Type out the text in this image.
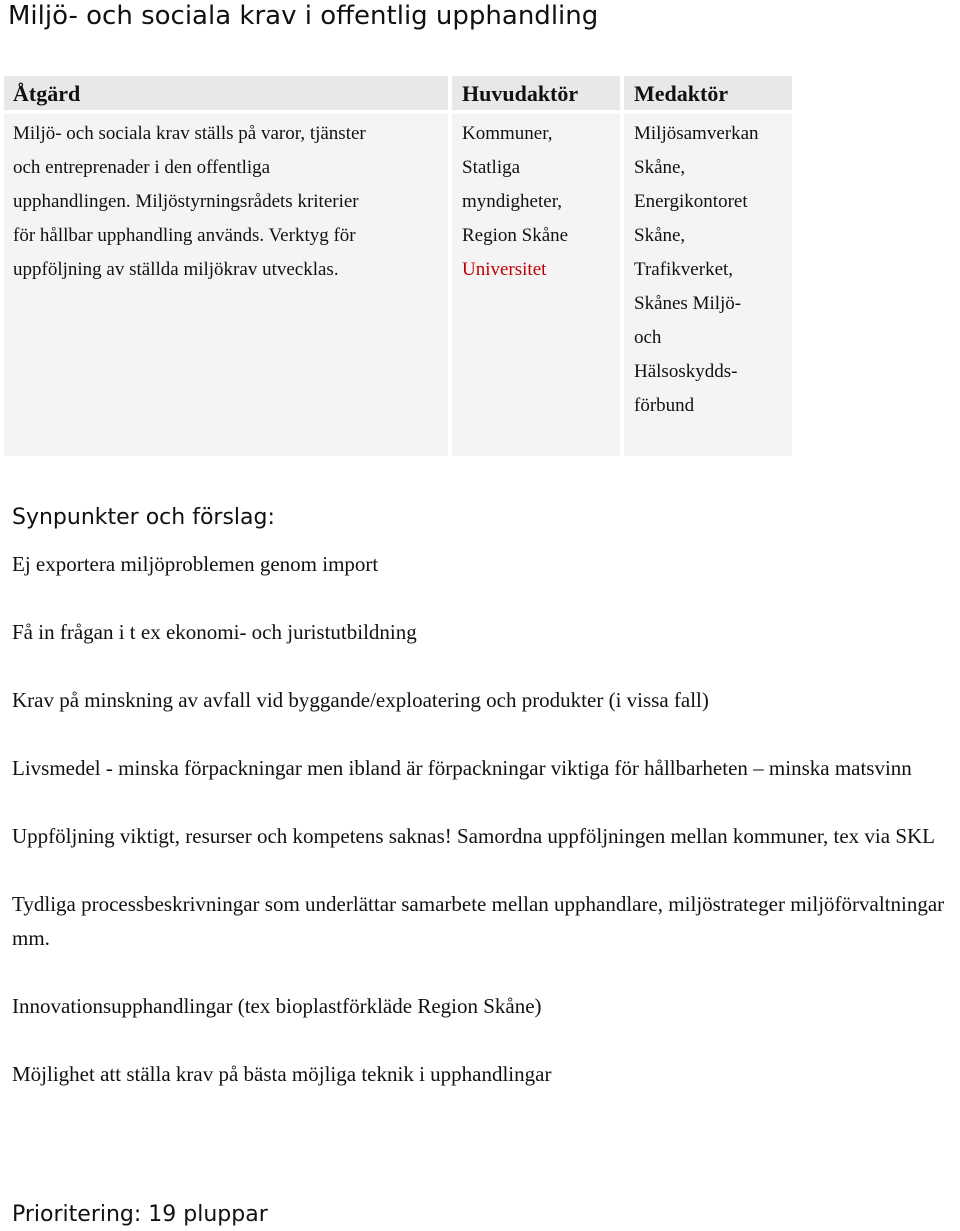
Miljö- och sociala krav i offentlig upphandling
Åtgärd	Huvudaktör	Medaktör
Miljö- och sociala krav ställs på varor, tjänster
och entreprenader i den offentliga
upphandlingen. Miljöstyrningsrådets kriterier
för hållbar upphandling används. Verktyg för
uppföljning av ställda miljökrav utvecklas.
Kommuner,
Statliga
myndigheter,
Region Skåne
Universitet
Miljösamverkan
Skåne,
Energikontoret
Skåne,
Trafikverket,
Skånes Miljö-
och
Hälsoskydds-
förbund
Synpunkter och förslag:
Ej exportera miljöproblemen genom import
Få in frågan i t ex ekonomi- och juristutbildning
Krav på minskning av avfall vid byggande/exploatering och produkter (i vissa fall)
Livsmedel - minska förpackningar men ibland är förpackningar viktiga för hållbarheten – minska matsvinn
Uppföljning viktigt, resurser och kompetens saknas! Samordna uppföljningen mellan kommuner, tex via SKL
Tydliga processbeskrivningar som underlättar samarbete mellan upphandlare, miljöstrateger miljöförvaltningar mm.
Innovationsupphandlingar (tex bioplastförkläde Region Skåne)
Möjlighet att ställa krav på bästa möjliga teknik i upphandlingar
Prioritering: 19 pluppar
